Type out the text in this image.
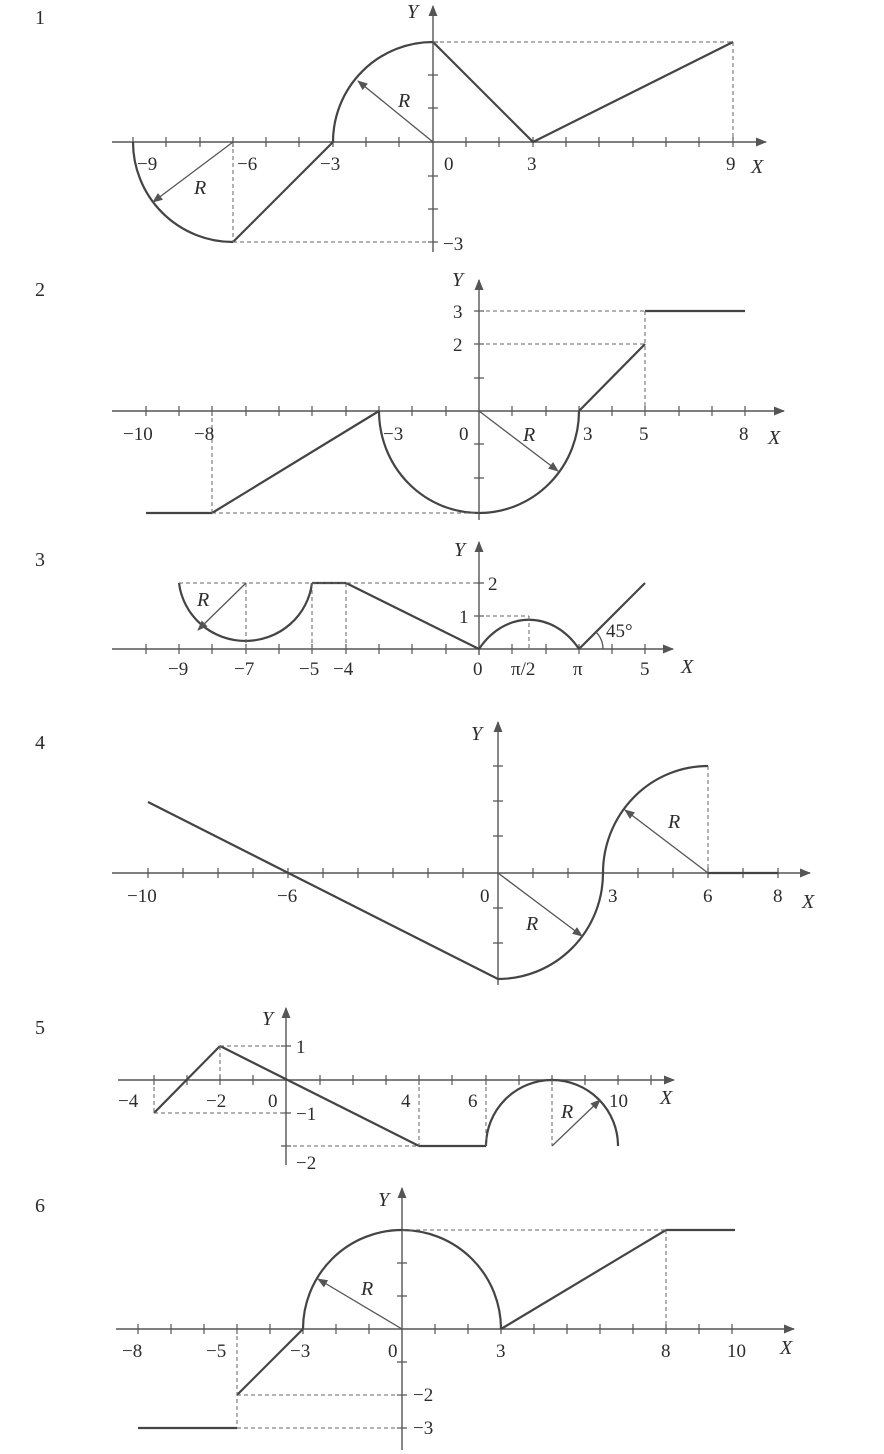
1
R
R
Y
X
−9	−6	−3	0	3	9
−3
2
R
Y
X
−10 −8	−3	0	3 5	8
3
2
3
R
45°
Y
X
−9 −7 −5 −4	0 π/2 π	5
2
1
4
R
R
Y
X
−10	−6	0	3	6	8
5
R
Y
X
−4	−2 0	4	6	10
1
−1
−2
6
R
Y
X
−8	−5	−3	0	3	8	10
−2
−3
